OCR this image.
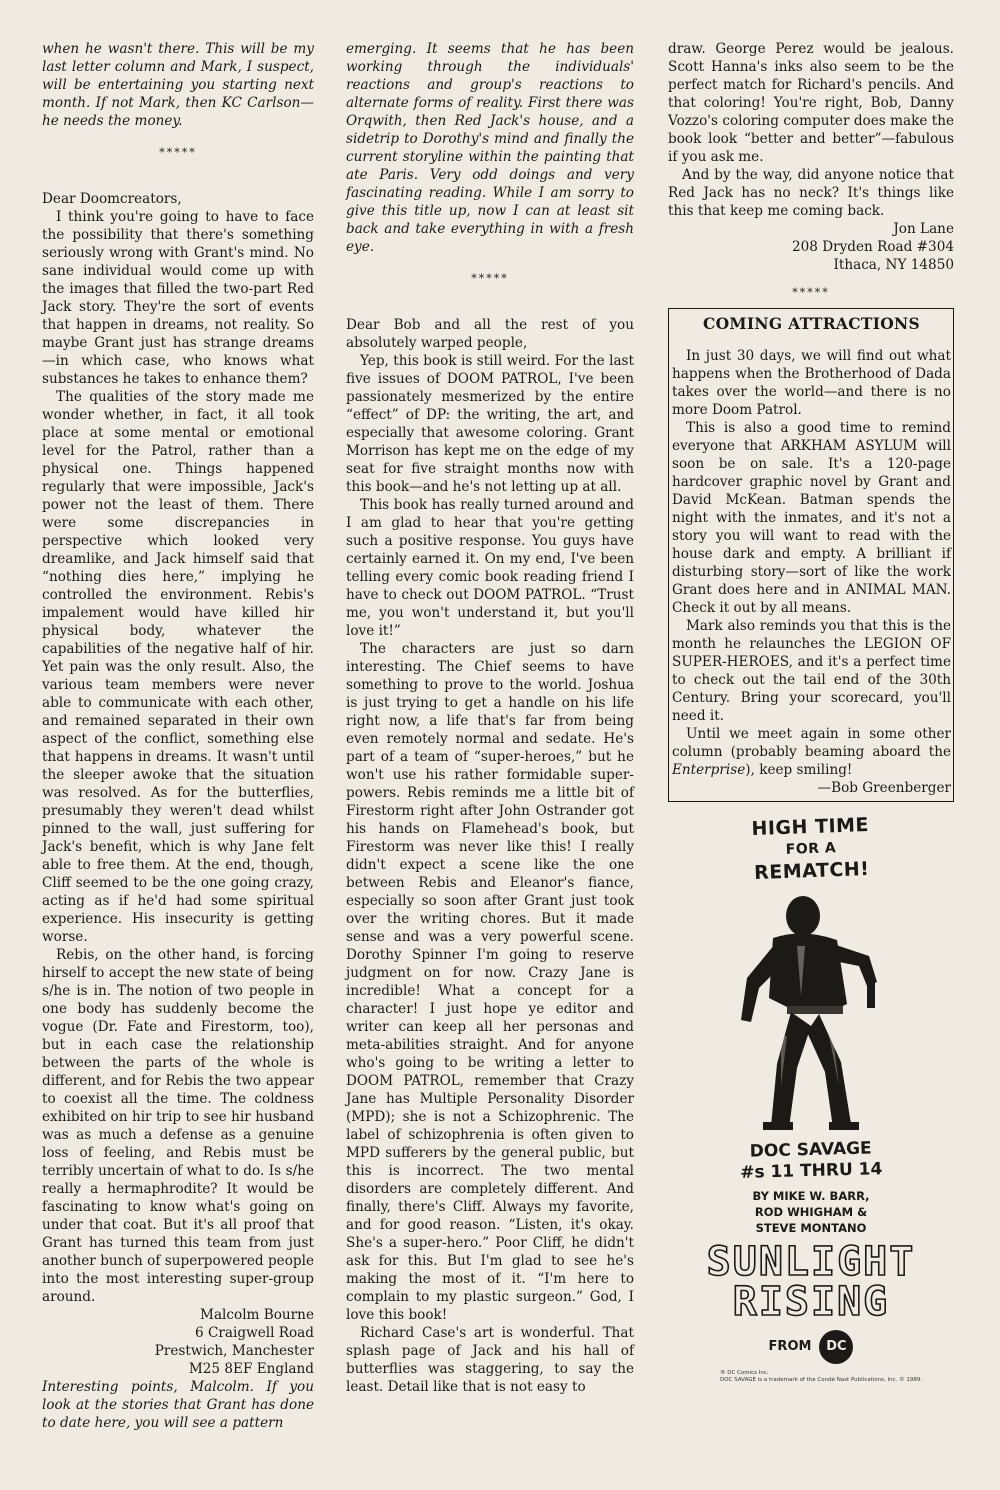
when he wasn't there. This will be my last letter column and Mark, I suspect, will be entertaining you starting next month. If not Mark, then KC Carlson—he needs the money.

*****

Dear Doomcreators,

I think you're going to have to face the possibility that there's something seriously wrong with Grant's mind. No sane individual would come up with the images that filled the two-part Red Jack story. They're the sort of events that happen in dreams, not reality. So maybe Grant just has strange dreams—in which case, who knows what substances he takes to enhance them?

The qualities of the story made me wonder whether, in fact, it all took place at some mental or emotional level for the Patrol, rather than a physical one. Things happened regularly that were impossible, Jack's power not the least of them. There were some discrepancies in perspective which looked very dreamlike, and Jack himself said that “nothing dies here,” implying he controlled the environment. Rebis's impalement would have killed hir physical body, whatever the capabilities of the negative half of hir. Yet pain was the only result. Also, the various team members were never able to communicate with each other, and remained separated in their own aspect of the conflict, something else that happens in dreams. It wasn't until the sleeper awoke that the situation was resolved. As for the butterflies, presumably they weren't dead whilst pinned to the wall, just suffering for Jack's benefit, which is why Jane felt able to free them. At the end, though, Cliff seemed to be the one going crazy, acting as if he'd had some spiritual experience. His insecurity is getting worse.

Rebis, on the other hand, is forcing hirself to accept the new state of being s/he is in. The notion of two people in one body has suddenly become the vogue (Dr. Fate and Firestorm, too), but in each case the relationship between the parts of the whole is different, and for Rebis the two appear to coexist all the time. The coldness exhibited on hir trip to see hir husband was as much a defense as a genuine loss of feeling, and Rebis must be terribly uncertain of what to do. Is s/he really a hermaphrodite? It would be fascinating to know what's going on under that coat. But it's all proof that Grant has turned this team from just another bunch of superpowered people into the most interesting super-group around.

Malcolm Bourne
6 Craigwell Road
Prestwich, Manchester
M25 8EF England

Interesting points, Malcolm. If you look at the stories that Grant has done to date here, you will see a pattern

emerging. It seems that he has been working through the individuals' reactions and group's reactions to alternate forms of reality. First there was Orqwith, then Red Jack's house, and a sidetrip to Dorothy's mind and finally the current storyline within the painting that ate Paris. Very odd doings and very fascinating reading. While I am sorry to give this title up, now I can at least sit back and take everything in with a fresh eye.

*****

Dear Bob and all the rest of you absolutely warped people,

Yep, this book is still weird. For the last five issues of DOOM PATROL, I've been passionately mesmerized by the entire “effect” of DP: the writing, the art, and especially that awesome coloring. Grant Morrison has kept me on the edge of my seat for five straight months now with this book—and he's not letting up at all.

This book has really turned around and I am glad to hear that you're getting such a positive response. You guys have certainly earned it. On my end, I've been telling every comic book reading friend I have to check out DOOM PATROL. “Trust me, you won't understand it, but you'll love it!”

The characters are just so darn interesting. The Chief seems to have something to prove to the world. Joshua is just trying to get a handle on his life right now, a life that's far from being even remotely normal and sedate. He's part of a team of “super-heroes,” but he won't use his rather formidable super-powers. Rebis reminds me a little bit of Firestorm right after John Ostrander got his hands on Flamehead's book, but Firestorm was never like this! I really didn't expect a scene like the one between Rebis and Eleanor's fiance, especially so soon after Grant just took over the writing chores. But it made sense and was a very powerful scene. Dorothy Spinner I'm going to reserve judgment on for now. Crazy Jane is incredible! What a concept for a character! I just hope ye editor and writer can keep all her personas and meta-abilities straight. And for anyone who's going to be writing a letter to DOOM PATROL, remember that Crazy Jane has Multiple Personality Disorder (MPD); she is not a Schizophrenic. The label of schizophrenia is often given to MPD sufferers by the general public, but this is incorrect. The two mental disorders are completely different. And finally, there's Cliff. Always my favorite, and for good reason. “Listen, it's okay. She's a super-hero.” Poor Cliff, he didn't ask for this. But I'm glad to see he's making the most of it. “I'm here to complain to my plastic surgeon.” God, I love this book!

Richard Case's art is wonderful. That splash page of Jack and his hall of butterflies was staggering, to say the least. Detail like that is not easy to

draw. George Perez would be jealous. Scott Hanna's inks also seem to be the perfect match for Richard's pencils. And that coloring! You're right, Bob, Danny Vozzo's coloring computer does make the book look “better and better”—fabulous if you ask me.

And by the way, did anyone notice that Red Jack has no neck? It's things like this that keep me coming back.

Jon Lane
208 Dryden Road #304
Ithaca, NY 14850

*****

COMING ATTRACTIONS

In just 30 days, we will find out what happens when the Brotherhood of Dada takes over the world—and there is no more Doom Patrol.

This is also a good time to remind everyone that ARKHAM ASYLUM will soon be on sale. It's a 120-page hardcover graphic novel by Grant and David McKean. Batman spends the night with the inmates, and it's not a story you will want to read with the house dark and empty. A brilliant if disturbing story—sort of like the work Grant does here and in ANIMAL MAN. Check it out by all means.

Mark also reminds you that this is the month he relaunches the LEGION OF SUPER-HEROES, and it's a perfect time to check out the tail end of the 30th Century. Bring your scorecard, you'll need it.

Until we meet again in some other column (probably beaming aboard the Enterprise), keep smiling!

—Bob Greenberger
HIGH TIME
FOR A
REMATCH!
DOC SAVAGE
#s 11 THRU 14
BY MIKE W. BARR,
ROD WHIGHAM &
STEVE MONTANO
SUNLIGHT
RISING
FROM	DC
® DC Comics Inc.
DOC SAVAGE is a trademark of the Condé Nast Publications, Inc. © 1989.
